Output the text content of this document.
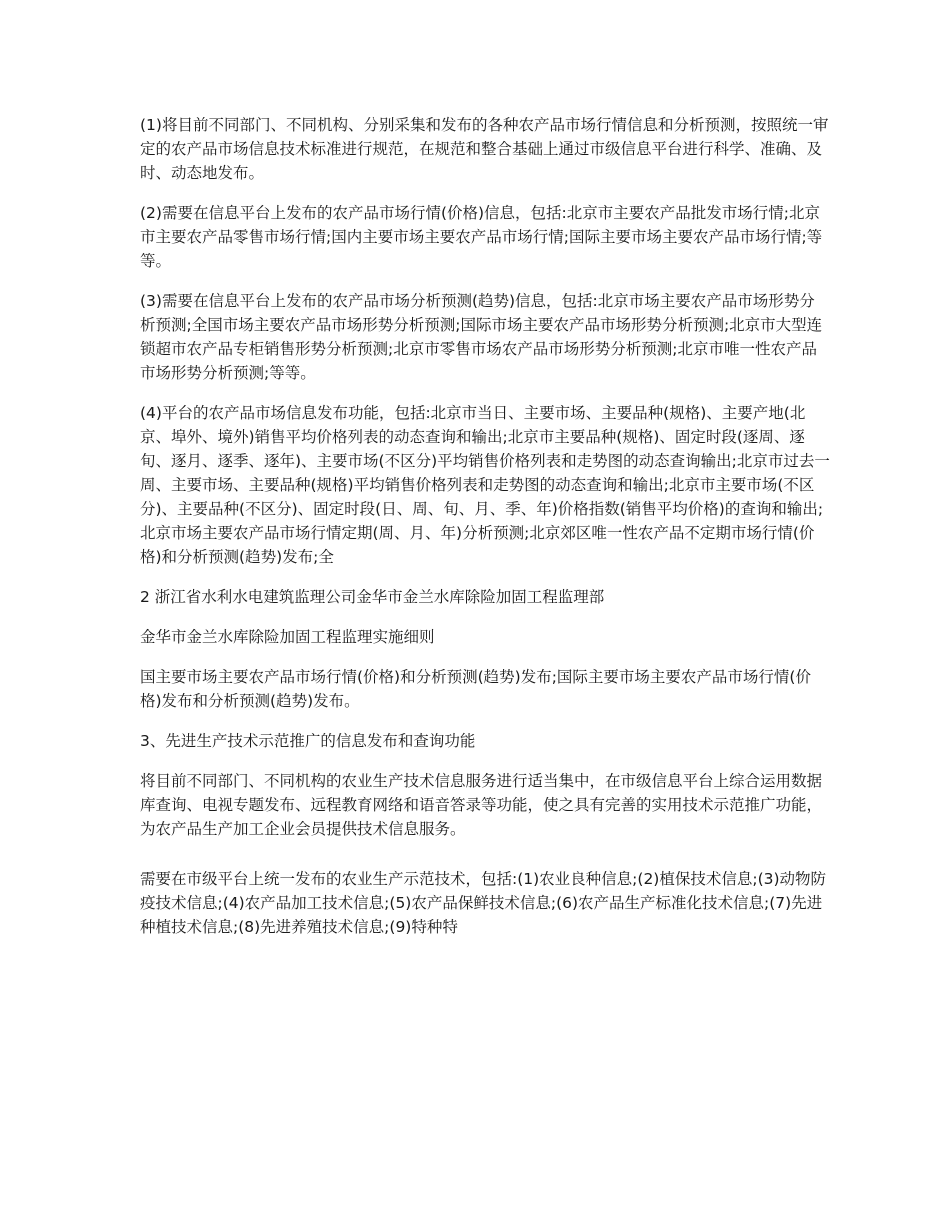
(1)将目前不同部门、不同机构、分别采集和发布的各种农产品市场行情信息和分析预测，按照统一审定的农产品市场信息技术标准进行规范，在规范和整合基础上通过市级信息平台进行科学、准确、及时、动态地发布。

(2)需要在信息平台上发布的农产品市场行情(价格)信息，包括:北京市主要农产品批发市场行情;北京市主要农产品零售市场行情;国内主要市场主要农产品市场行情;国际主要市场主要农产品市场行情;等等。

(3)需要在信息平台上发布的农产品市场分析预测(趋势)信息，包括:北京市场主要农产品市场形势分析预测;全国市场主要农产品市场形势分析预测;国际市场主要农产品市场形势分析预测;北京市大型连锁超市农产品专柜销售形势分析预测;北京市零售市场农产品市场形势分析预测;北京市唯一性农产品市场形势分析预测;等等。

(4)平台的农产品市场信息发布功能，包括:北京市当日、主要市场、主要品种(规格)、主要产地(北京、埠外、境外)销售平均价格列表的动态查询和输出;北京市主要品种(规格)、固定时段(逐周、逐旬、逐月、逐季、逐年)、主要市场(不区分)平均销售价格列表和走势图的动态查询输出;北京市过去一周、主要市场、主要品种(规格)平均销售价格列表和走势图的动态查询和输出;北京市主要市场(不区分)、主要品种(不区分)、固定时段(日、周、旬、月、季、年)价格指数(销售平均价格)的查询和输出;北京市场主要农产品市场行情定期(周、月、年)分析预测;北京郊区唯一性农产品不定期市场行情(价格)和分析预测(趋势)发布;全

2 浙江省水利水电建筑监理公司金华市金兰水库除险加固工程监理部

金华市金兰水库除险加固工程监理实施细则

国主要市场主要农产品市场行情(价格)和分析预测(趋势)发布;国际主要市场主要农产品市场行情(价格)发布和分析预测(趋势)发布。

3、先进生产技术示范推广的信息发布和查询功能

将目前不同部门、不同机构的农业生产技术信息服务进行适当集中，在市级信息平台上综合运用数据库查询、电视专题发布、远程教育网络和语音答录等功能，使之具有完善的实用技术示范推广功能，为农产品生产加工企业会员提供技术信息服务。

需要在市级平台上统一发布的农业生产示范技术，包括:(1)农业良种信息;(2)植保技术信息;(3)动物防疫技术信息;(4)农产品加工技术信息;(5)农产品保鲜技术信息;(6)农产品生产标准化技术信息;(7)先进种植技术信息;(8)先进养殖技术信息;(9)特种特
